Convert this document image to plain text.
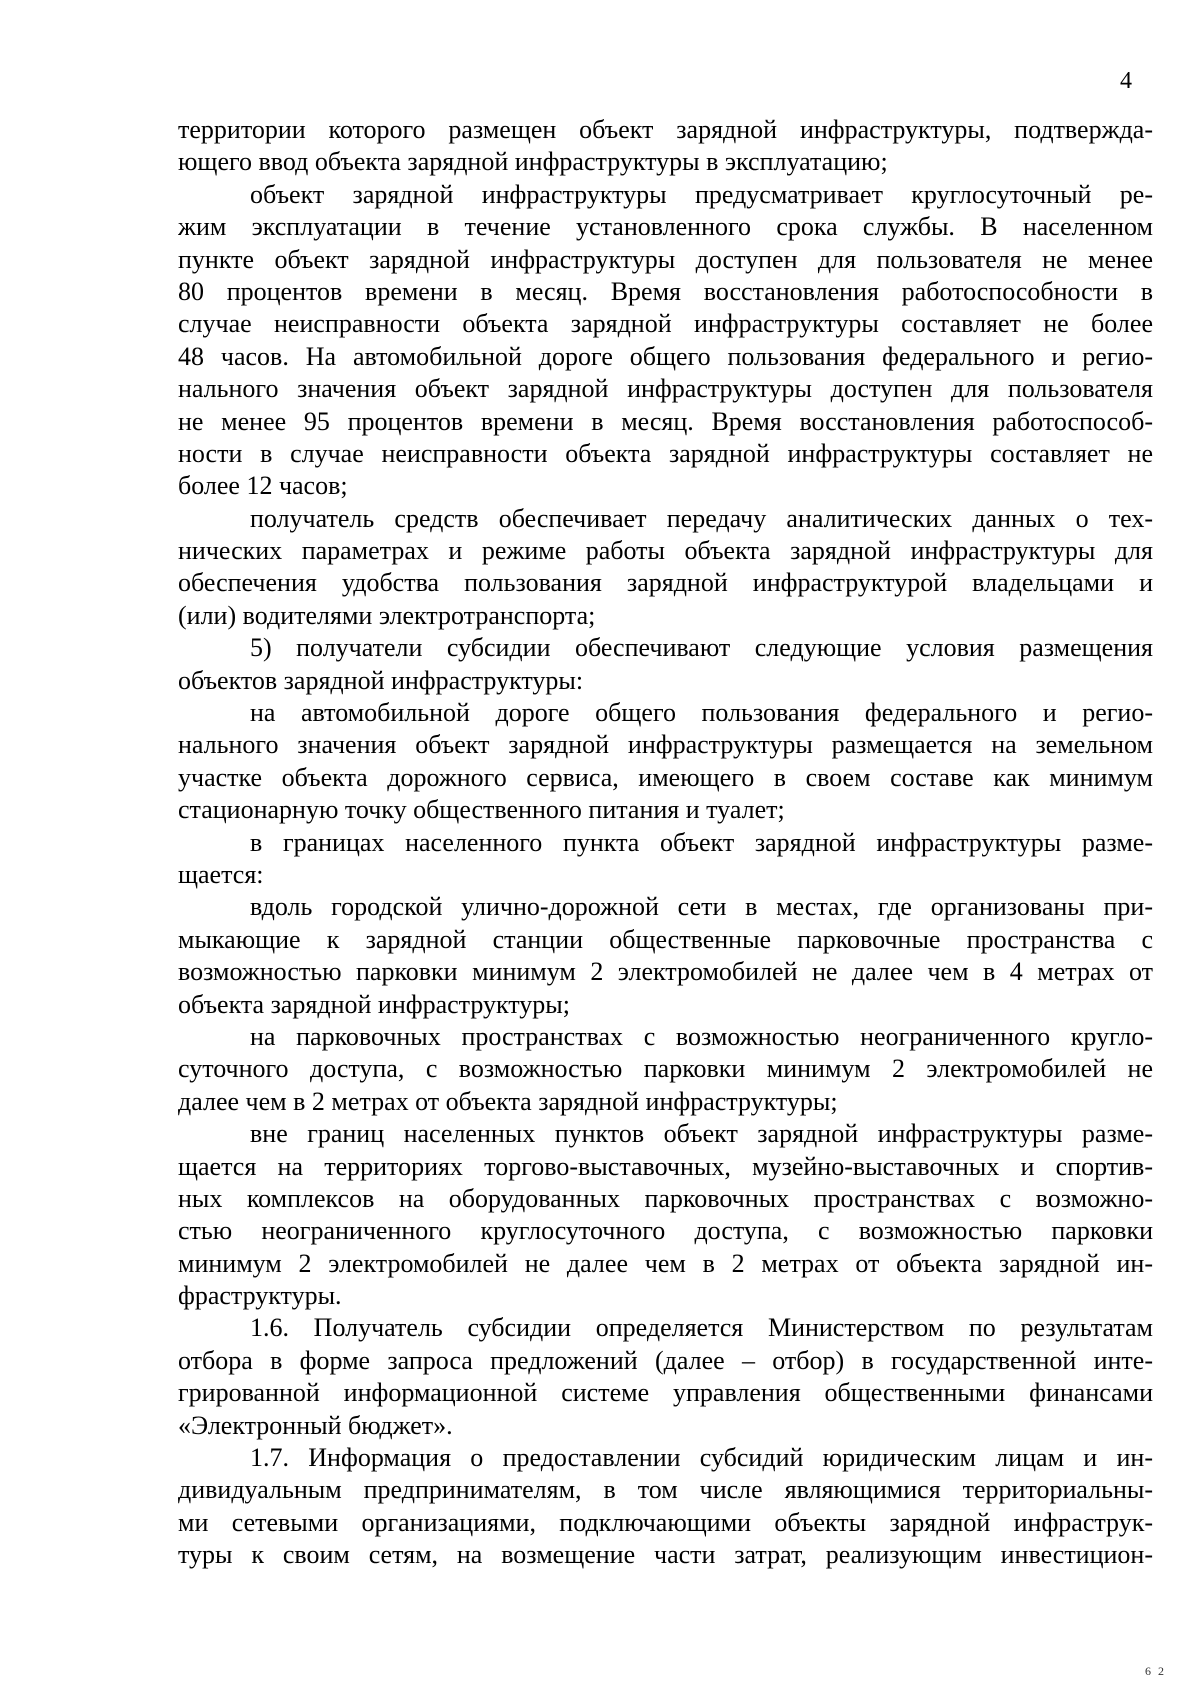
4
территории которого размещен объект зарядной инфраструктуры, подтвержда-
ющего ввод объекта зарядной инфраструктуры в эксплуатацию;
объект зарядной инфраструктуры предусматривает круглосуточный ре-
жим эксплуатации в течение установленного срока службы. В населенном
пункте объект зарядной инфраструктуры доступен для пользователя не менее
80 процентов времени в месяц. Время восстановления работоспособности в
случае неисправности объекта зарядной инфраструктуры составляет не более
48 часов. На автомобильной дороге общего пользования федерального и регио-
нального значения объект зарядной инфраструктуры доступен для пользователя
не менее 95 процентов времени в месяц. Время восстановления работоспособ-
ности в случае неисправности объекта зарядной инфраструктуры составляет не
более 12 часов;
получатель средств обеспечивает передачу аналитических данных о тех-
нических параметрах и режиме работы объекта зарядной инфраструктуры для
обеспечения удобства пользования зарядной инфраструктурой владельцами и
(или) водителями электротранспорта;
5) получатели субсидии обеспечивают следующие условия размещения
объектов зарядной инфраструктуры:
на автомобильной дороге общего пользования федерального и регио-
нального значения объект зарядной инфраструктуры размещается на земельном
участке объекта дорожного сервиса, имеющего в своем составе как минимум
стационарную точку общественного питания и туалет;
в границах населенного пункта объект зарядной инфраструктуры разме-
щается:
вдоль городской улично-дорожной сети в местах, где организованы при-
мыкающие к зарядной станции общественные парковочные пространства с
возможностью парковки минимум 2 электромобилей не далее чем в 4 метрах от
объекта зарядной инфраструктуры;
на парковочных пространствах с возможностью неограниченного кругло-
суточного доступа, с возможностью парковки минимум 2 электромобилей не
далее чем в 2 метрах от объекта зарядной инфраструктуры;
вне границ населенных пунктов объект зарядной инфраструктуры разме-
щается на территориях торгово-выставочных, музейно-выставочных и спортив-
ных комплексов на оборудованных парковочных пространствах с возможно-
стью неограниченного круглосуточного доступа, с возможностью парковки
минимум 2 электромобилей не далее чем в 2 метрах от объекта зарядной ин-
фраструктуры.
1.6. Получатель субсидии определяется Министерством по результатам
отбора в форме запроса предложений (далее – отбор) в государственной инте-
грированной информационной системе управления общественными финансами
«Электронный бюджет».
1.7. Информация о предоставлении субсидий юридическим лицам и ин-
дивидуальным предпринимателям, в том числе являющимися территориальны-
ми сетевыми организациями, подключающими объекты зарядной инфраструк-
туры к своим сетям, на возмещение части затрат, реализующим инвестицион-
6 2
